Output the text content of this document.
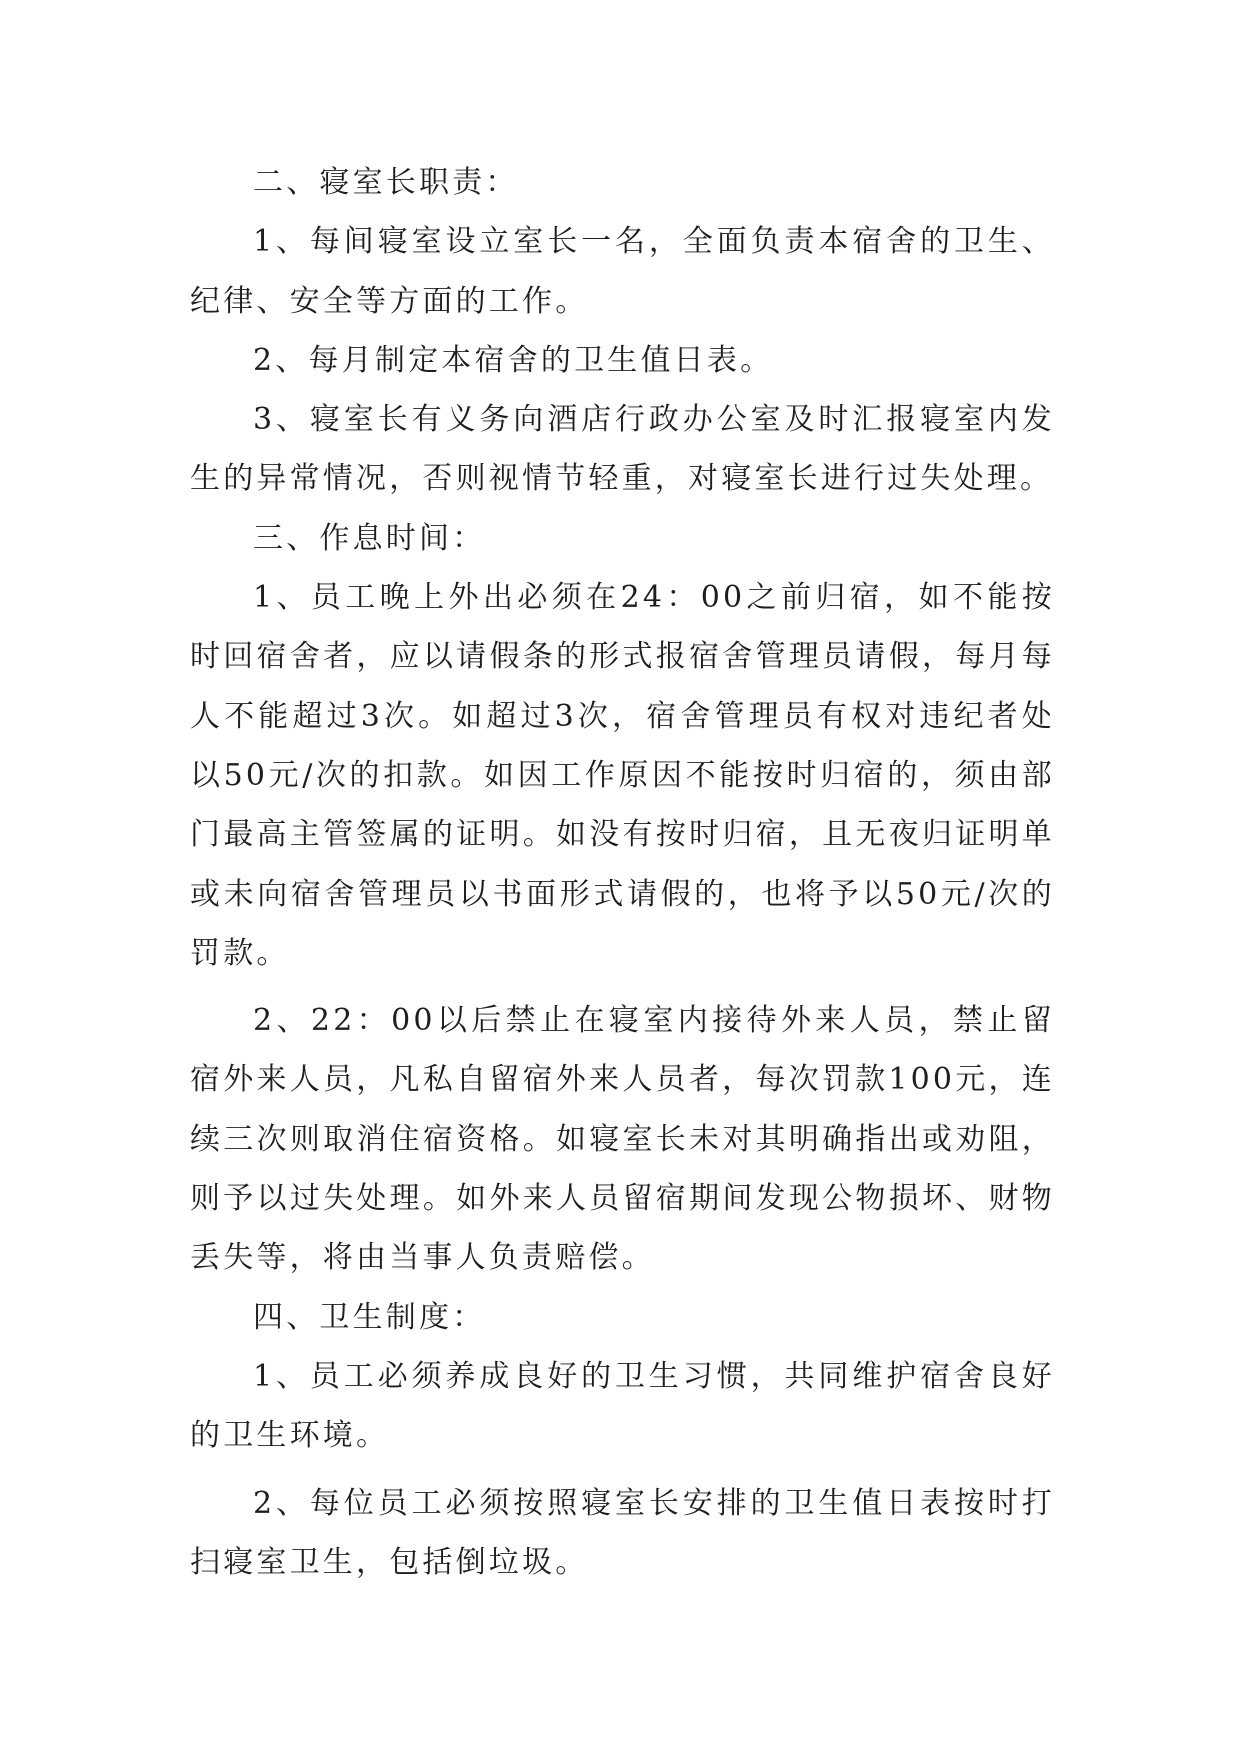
二、寝室长职责：

1、每间寝室设立室长一名，全面负责本宿舍的卫生、纪律、安全等方面的工作。

2、每月制定本宿舍的卫生值日表。

3、寝室长有义务向酒店行政办公室及时汇报寝室内发生的异常情况，否则视情节轻重，对寝室长进行过失处理。

三、作息时间：

1、员工晚上外出必须在24：00之前归宿，如不能按时回宿舍者，应以请假条的形式报宿舍管理员请假，每月每人不能超过3次。如超过3次，宿舍管理员有权对违纪者处以50元/次的扣款。如因工作原因不能按时归宿的，须由部门最高主管签属的证明。如没有按时归宿，且无夜归证明单或未向宿舍管理员以书面形式请假的，也将予以50元/次的罚款。

2、22：00以后禁止在寝室内接待外来人员，禁止留宿外来人员，凡私自留宿外来人员者，每次罚款100元，连续三次则取消住宿资格。如寝室长未对其明确指出或劝阻，则予以过失处理。如外来人员留宿期间发现公物损坏、财物丢失等，将由当事人负责赔偿。

四、卫生制度：

1、员工必须养成良好的卫生习惯，共同维护宿舍良好的卫生环境。

2、每位员工必须按照寝室长安排的卫生值日表按时打扫寝室卫生，包括倒垃圾。
